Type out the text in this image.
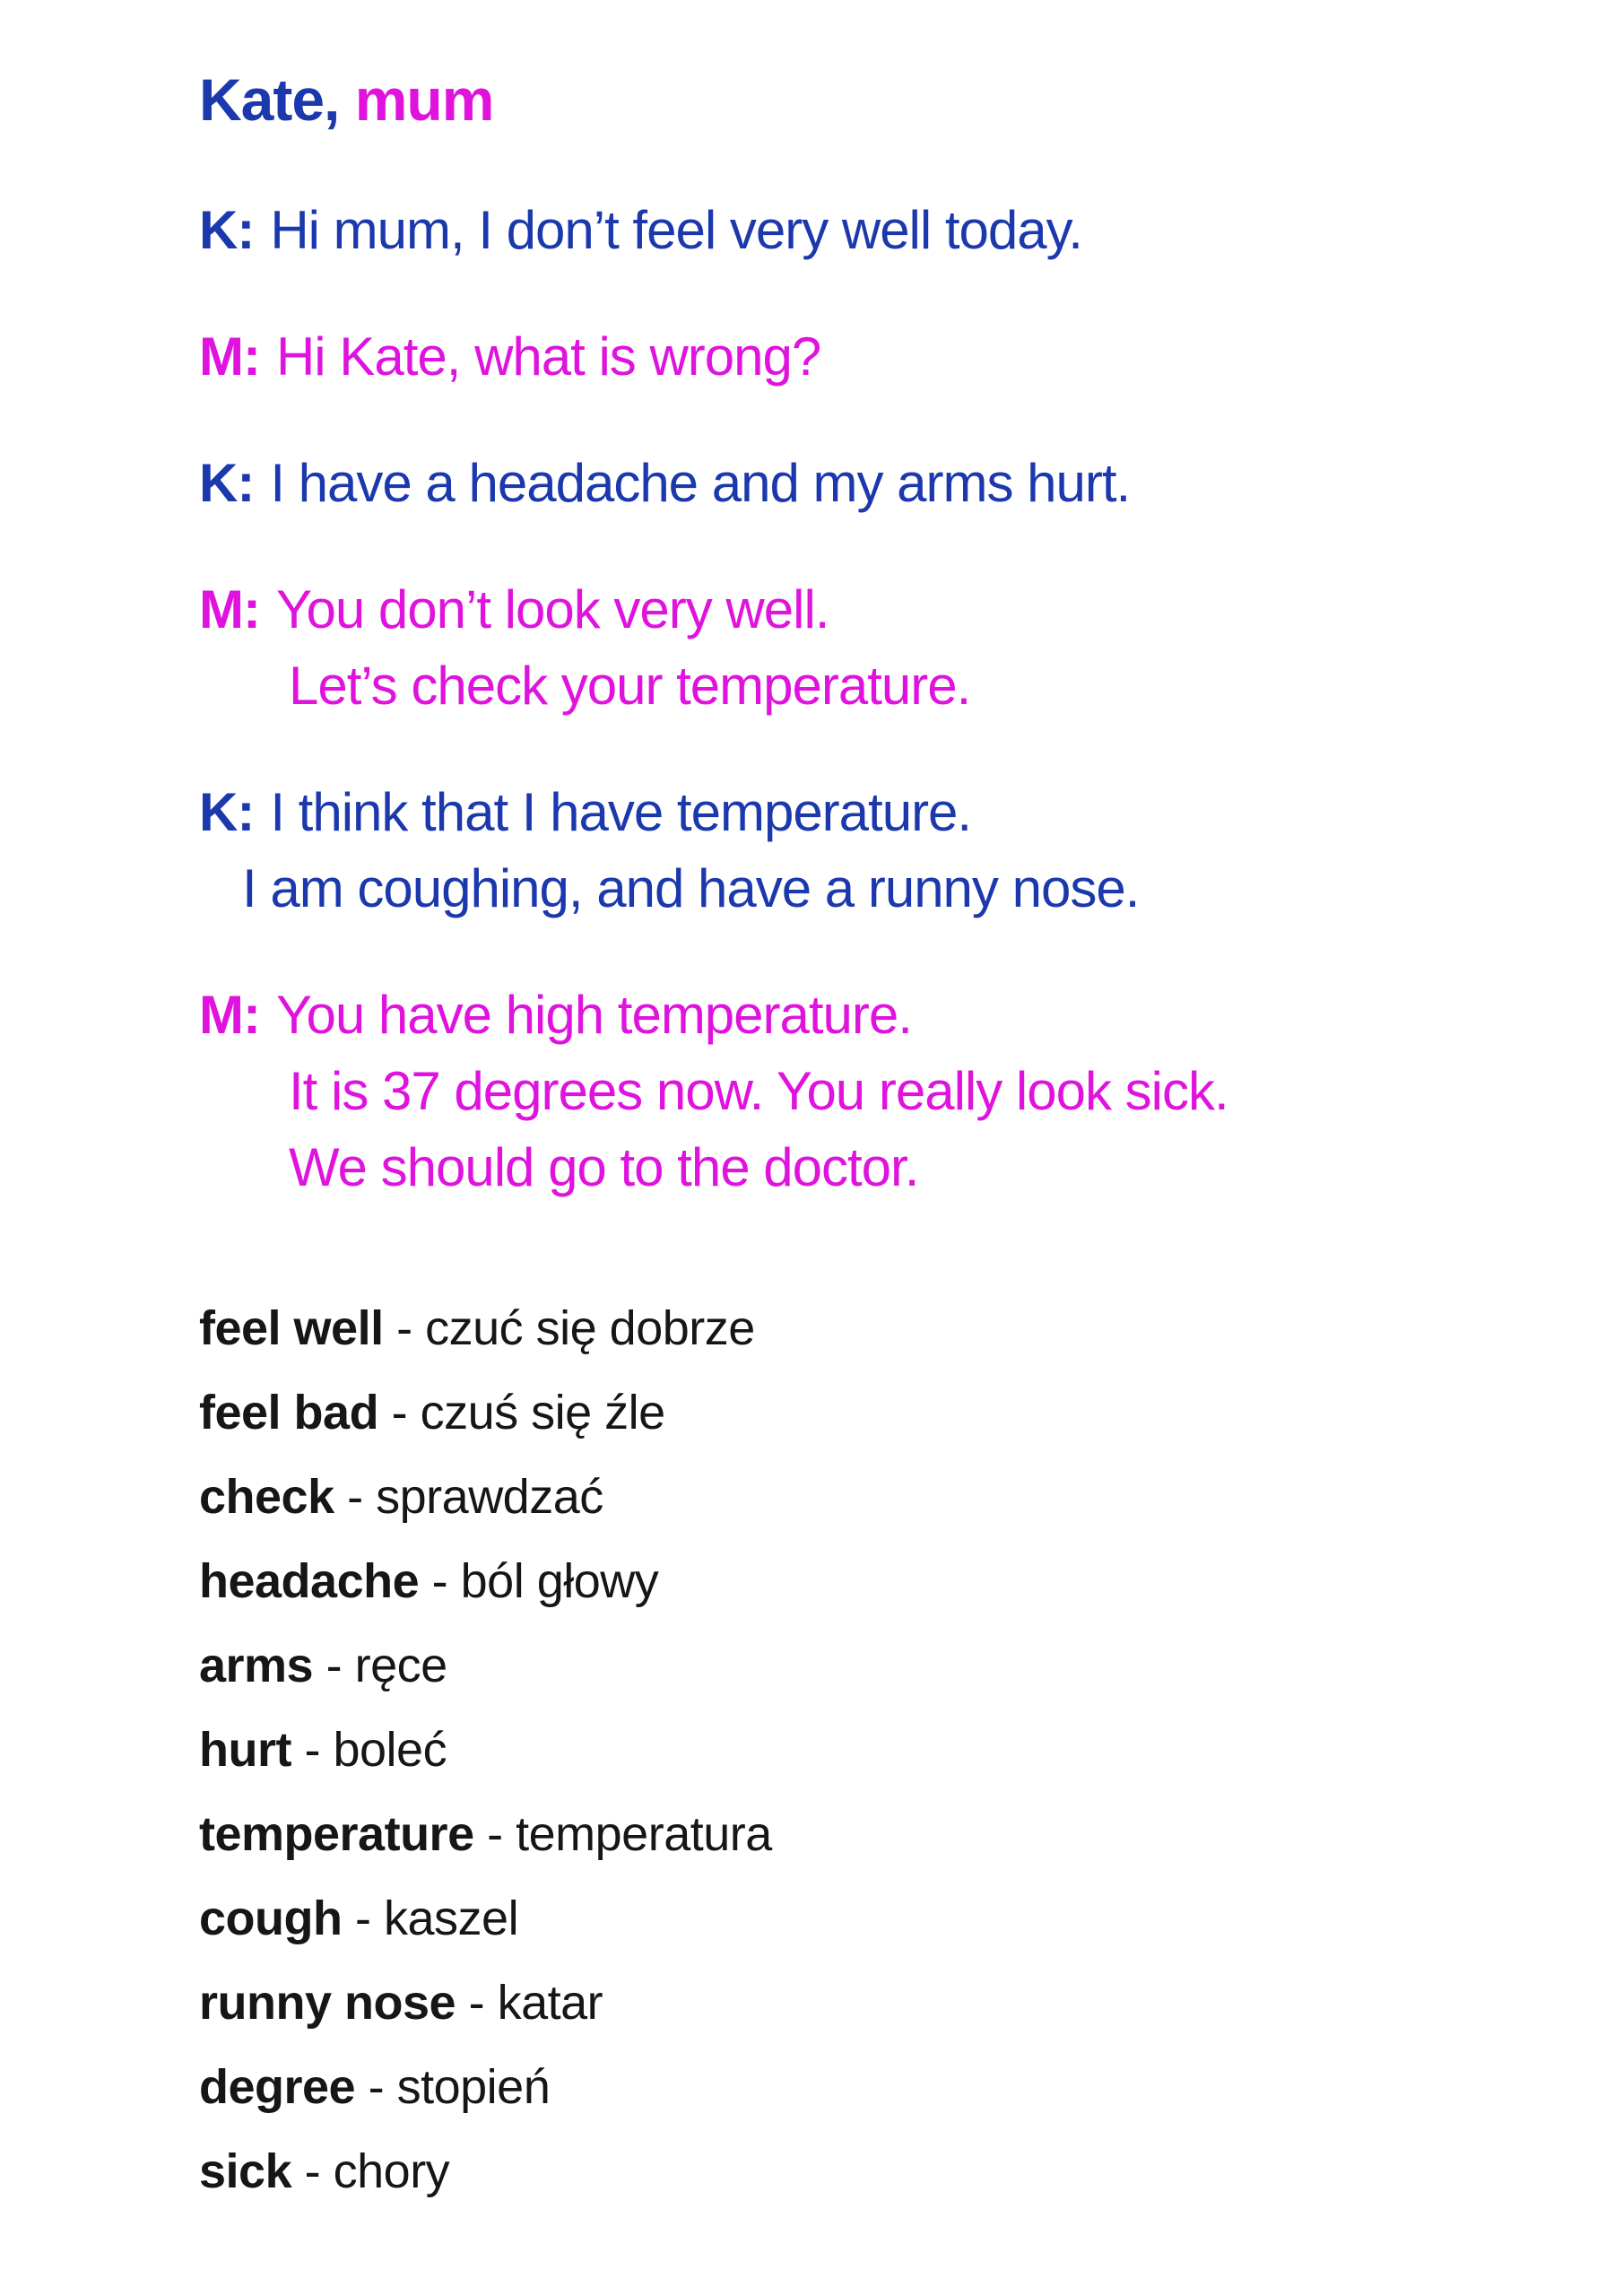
Kate, mum
K: Hi mum, I don’t feel very well today.
M: Hi Kate, what is wrong?
K: I have a headache and my arms hurt.
M: You don’t look very well.
Let’s check your temperature.
K: I think that I have temperature.
I am coughing, and have a runny nose.
M: You have high temperature.
It is 37 degrees now. You really look sick.
We should go to the doctor.
feel well - czuć się dobrze
feel bad - czuś się źle
check - sprawdzać
headache - ból głowy
arms - ręce
hurt - boleć
temperature - temperatura
cough - kaszel
runny nose - katar
degree - stopień
sick - chory
